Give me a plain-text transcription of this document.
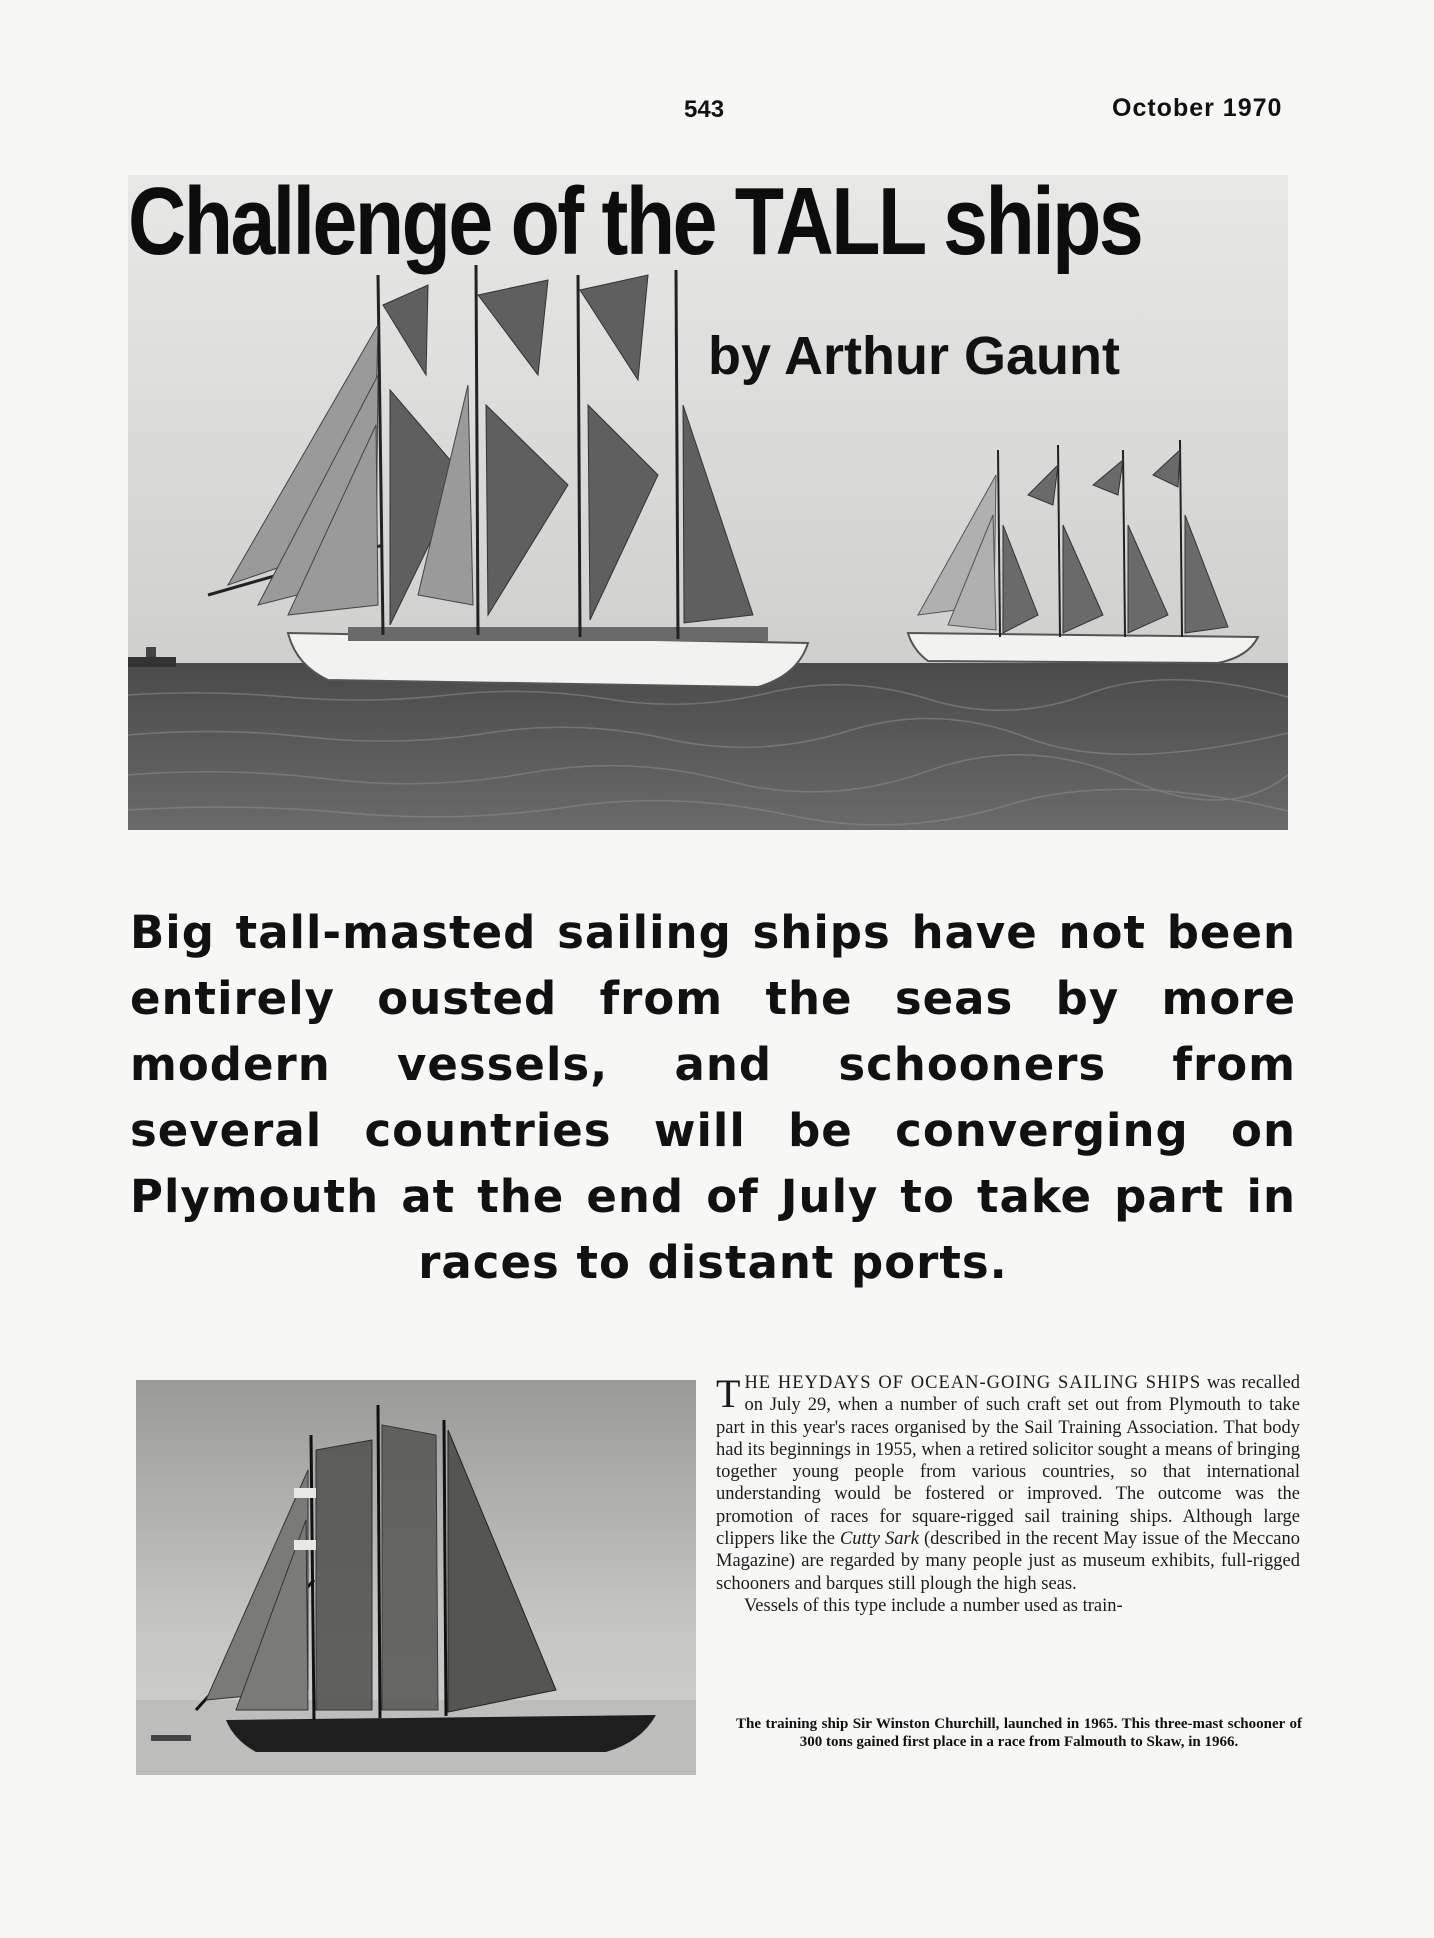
543	October 1970
Challenge of the TALL ships
by Arthur Gaunt
Big tall-masted sailing ships have not been entirely ousted from the seas by more modern vessels, and schooners from several countries will be converging on Plymouth at the end of July to take part in races to distant ports.

THE HEYDAYS OF OCEAN-GOING SAILING SHIPS was recalled on July 29, when a number of such craft set out from Plymouth to take part in this year's races organised by the Sail Training Association. That body had its beginnings in 1955, when a retired solicitor sought a means of bringing together young people from various countries, so that international understanding would be fostered or improved. The outcome was the promotion of races for square-rigged sail training ships. Although large clippers like the Cutty Sark (described in the recent May issue of the Meccano Magazine) are regarded by many people just as museum exhibits, full-rigged schooners and barques still plough the high seas.

Vessels of this type include a number used as train-

The training ship Sir Winston Churchill, launched in 1965. This three-mast schooner of 300 tons gained first place in a race from Falmouth to Skaw, in 1966.
